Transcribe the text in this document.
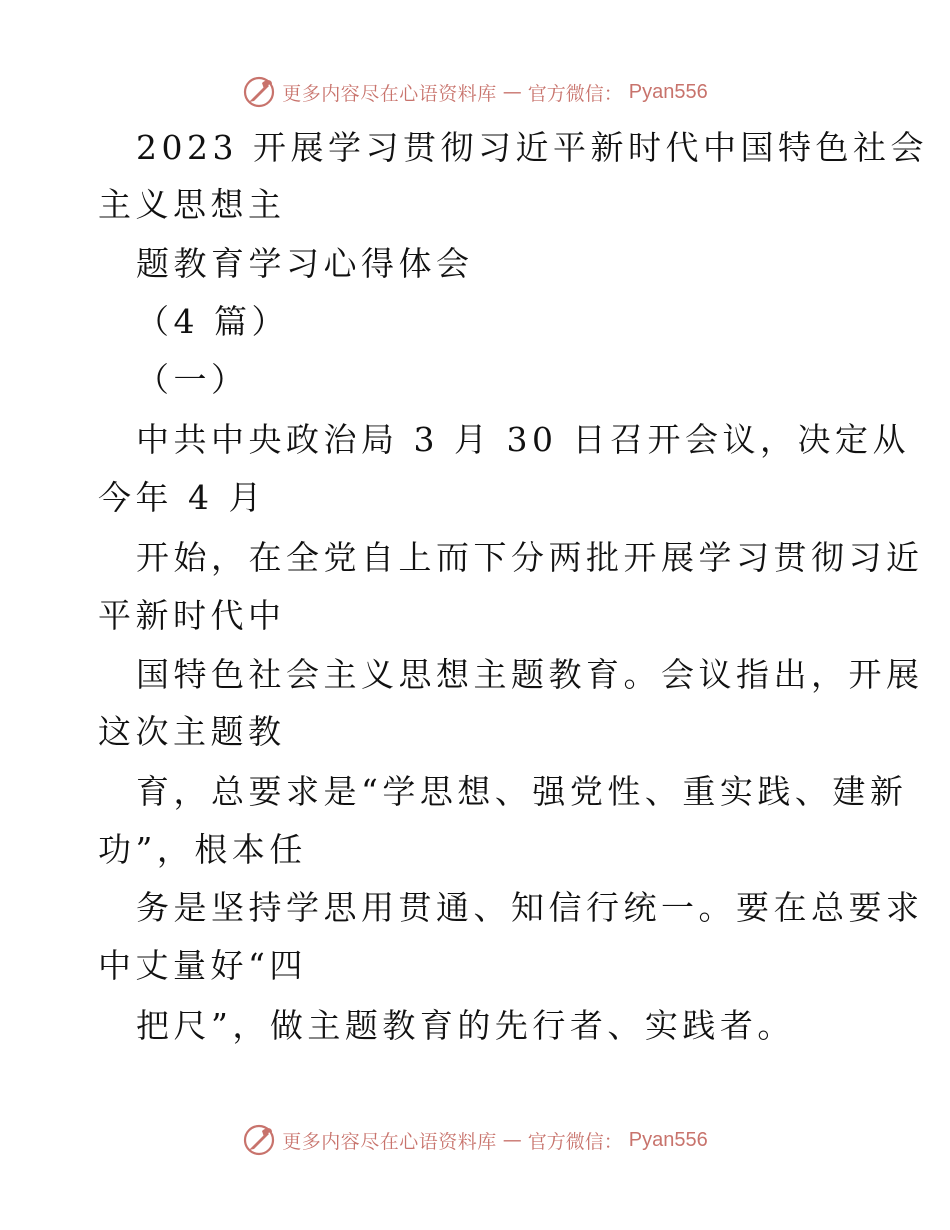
更多内容尽在心语资料库 — 官方微信： Pyan556
2023 开展学习贯彻习近平新时代中国特色社会
主义思想主
题教育学习心得体会
（4 篇）
（一）
中共中央政治局 3 月 30 日召开会议，决定从
今年 4 月
开始，在全党自上而下分两批开展学习贯彻习近
平新时代中
国特色社会主义思想主题教育。会议指出，开展
这次主题教
育，总要求是“学思想、强党性、重实践、建新
功”，根本任
务是坚持学思用贯通、知信行统一。要在总要求
中丈量好“四
把尺”，做主题教育的先行者、实践者。
更多内容尽在心语资料库 — 官方微信： Pyan556
